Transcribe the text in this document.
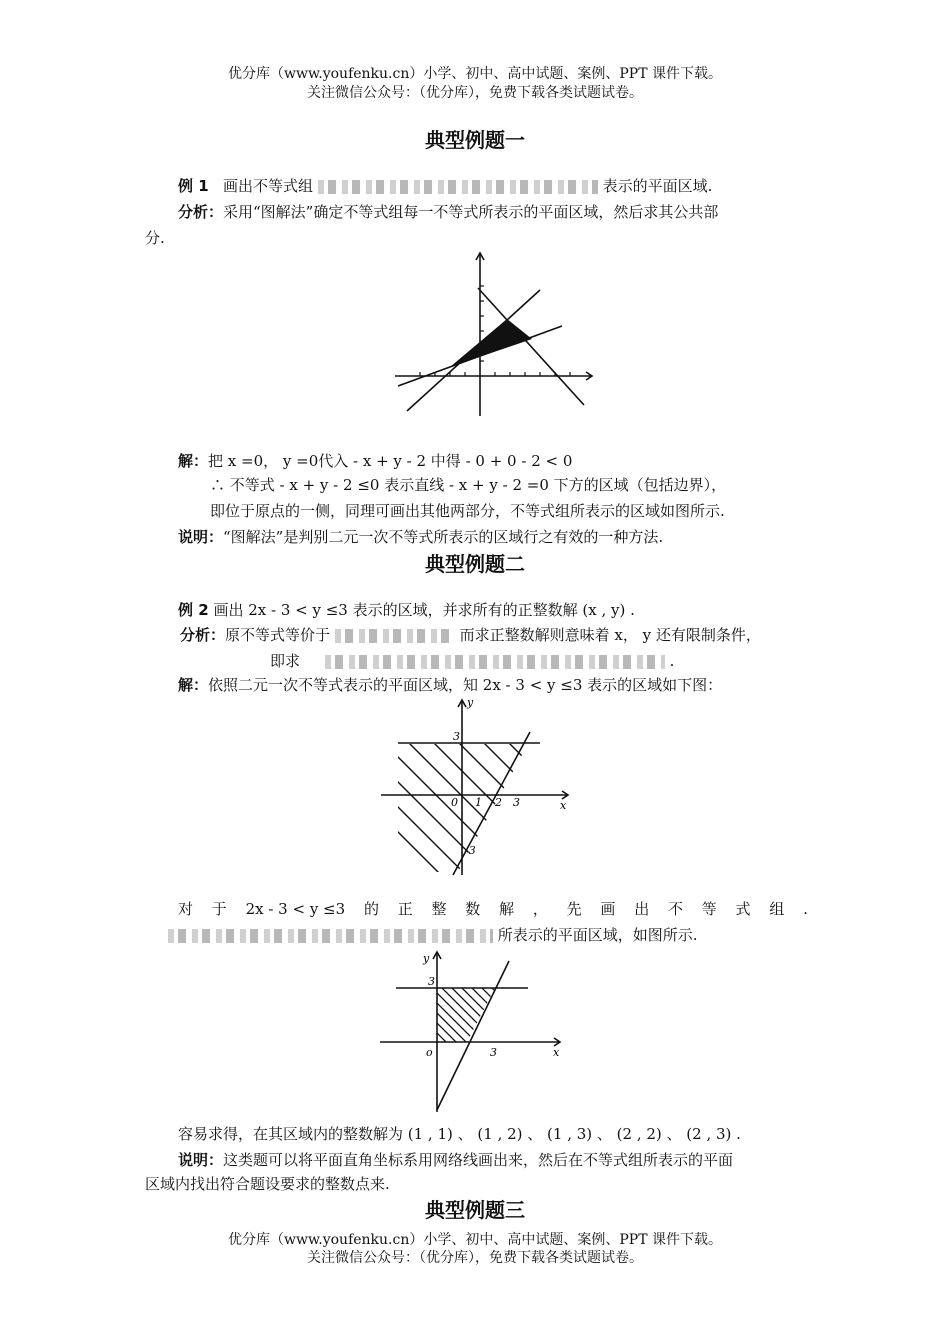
优分库（www.youfenku.cn）小学、初中、高中试题、案例、PPT 课件下载。
关注微信公众号：（优分库），免费下载各类试题试卷。
典型例题一
例 1 画出不等式组	表示的平面区域.
分析：采用“图解法”确定不等式组每一不等式所表示的平面区域，然后求其公共部
分.
解：把 x =0， y =0代入 - x + y - 2 中得 - 0 + 0 - 2 < 0
∴ 不等式 - x + y - 2 ≤0 表示直线 - x + y - 2 =0 下方的区域（包括边界），
即位于原点的一侧，同理可画出其他两部分，不等式组所表示的区域如图所示.
说明：“图解法”是判别二元一次不等式所表示的区域行之有效的一种方法.
典型例题二
例 2 画出 2x - 3 < y ≤3 表示的区域，并求所有的正整数解 (x , y) .
分析：原不等式等价于	而求正整数解则意味着 x， y 还有限制条件，
即求	.
解：依照二元一次不等式表示的平面区域，知 2x - 3 < y ≤3 表示的区域如下图：
y
x
0
3
1 2 3
-3
对 于 2x - 3 < y ≤3 的 正 整 数 解 ， 先 画 出 不 等 式 组 .
所表示的平面区域，如图所示.
y
x
o
3
3
容易求得，在其区域内的整数解为 (1 , 1) 、 (1 , 2) 、 (1 , 3) 、 (2 , 2) 、 (2 , 3) .
说明：这类题可以将平面直角坐标系用网络线画出来，然后在不等式组所表示的平面
区域内找出符合题设要求的整数点来.
典型例题三
优分库（www.youfenku.cn）小学、初中、高中试题、案例、PPT 课件下载。
关注微信公众号：（优分库），免费下载各类试题试卷。
